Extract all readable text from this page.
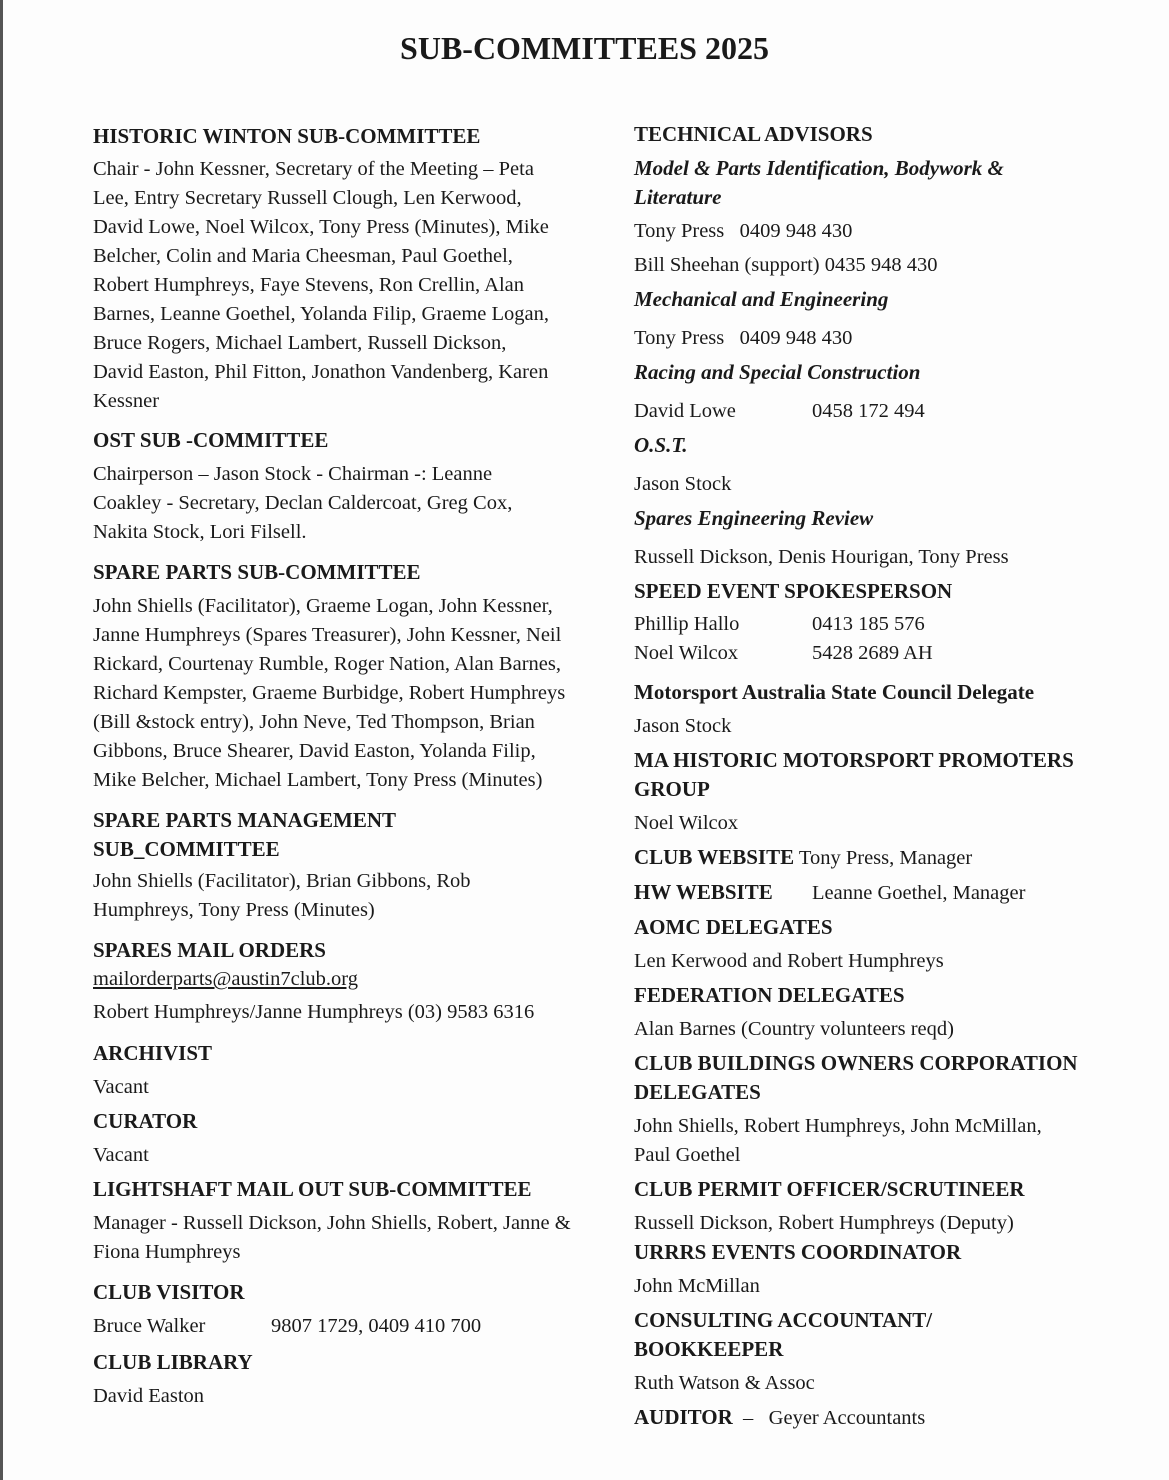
SUB-COMMITTEES 2025
HISTORIC WINTON SUB-COMMITTEE
Chair - John Kessner, Secretary of the Meeting – Peta
Lee, Entry Secretary Russell Clough, Len Kerwood,
David Lowe, Noel Wilcox, Tony Press (Minutes), Mike
Belcher, Colin and Maria Cheesman, Paul Goethel,
Robert Humphreys, Faye Stevens, Ron Crellin, Alan
Barnes, Leanne Goethel, Yolanda Filip, Graeme Logan,
Bruce Rogers, Michael Lambert, Russell Dickson,
David Easton, Phil Fitton, Jonathon Vandenberg, Karen
Kessner
OST SUB -COMMITTEE
Chairperson – Jason Stock - Chairman -: Leanne
Coakley - Secretary, Declan Caldercoat, Greg Cox,
Nakita Stock, Lori Filsell.
SPARE PARTS SUB-COMMITTEE
John Shiells (Facilitator), Graeme Logan, John Kessner,
Janne Humphreys (Spares Treasurer), John Kessner, Neil
Rickard, Courtenay Rumble, Roger Nation, Alan Barnes,
Richard Kempster, Graeme Burbidge, Robert Humphreys
(Bill &stock entry), John Neve, Ted Thompson, Brian
Gibbons, Bruce Shearer, David Easton, Yolanda Filip,
Mike Belcher, Michael Lambert, Tony Press (Minutes)
SPARE PARTS MANAGEMENT
SUB_COMMITTEE
John Shiells (Facilitator), Brian Gibbons, Rob
Humphreys, Tony Press (Minutes)
SPARES MAIL ORDERS
mailorderparts@austin7club.org
Robert Humphreys/Janne Humphreys (03) 9583 6316
ARCHIVIST
Vacant
CURATOR
Vacant
LIGHTSHAFT MAIL OUT SUB-COMMITTEE
Manager - Russell Dickson, John Shiells, Robert, Janne &
Fiona Humphreys
CLUB VISITOR
Bruce Walker	9807 1729, 0409 410 700
CLUB LIBRARY
David Easton
TECHNICAL ADVISORS
Model & Parts Identification, Bodywork &
Literature
Tony Press 0409 948 430
Bill Sheehan (support) 0435 948 430
Mechanical and Engineering
Tony Press 0409 948 430
Racing and Special Construction
David Lowe	0458 172 494
O.S.T.
Jason Stock
Spares Engineering Review
Russell Dickson, Denis Hourigan, Tony Press
SPEED EVENT SPOKESPERSON
Phillip Hallo	0413 185 576
Noel Wilcox	5428 2689 AH
Motorsport Australia State Council Delegate
Jason Stock
MA HISTORIC MOTORSPORT PROMOTERS
GROUP
Noel Wilcox
CLUB WEBSITE Tony Press, Manager
HW WEBSITE Leanne Goethel, Manager
AOMC DELEGATES
Len Kerwood and Robert Humphreys
FEDERATION DELEGATES
Alan Barnes (Country volunteers reqd)
CLUB BUILDINGS OWNERS CORPORATION
DELEGATES
John Shiells, Robert Humphreys, John McMillan,
Paul Goethel
CLUB PERMIT OFFICER/SCRUTINEER
Russell Dickson, Robert Humphreys (Deputy)
URRRS EVENTS COORDINATOR
John McMillan
CONSULTING ACCOUNTANT/
BOOKKEEPER
Ruth Watson & Assoc
AUDITOR – Geyer Accountants
